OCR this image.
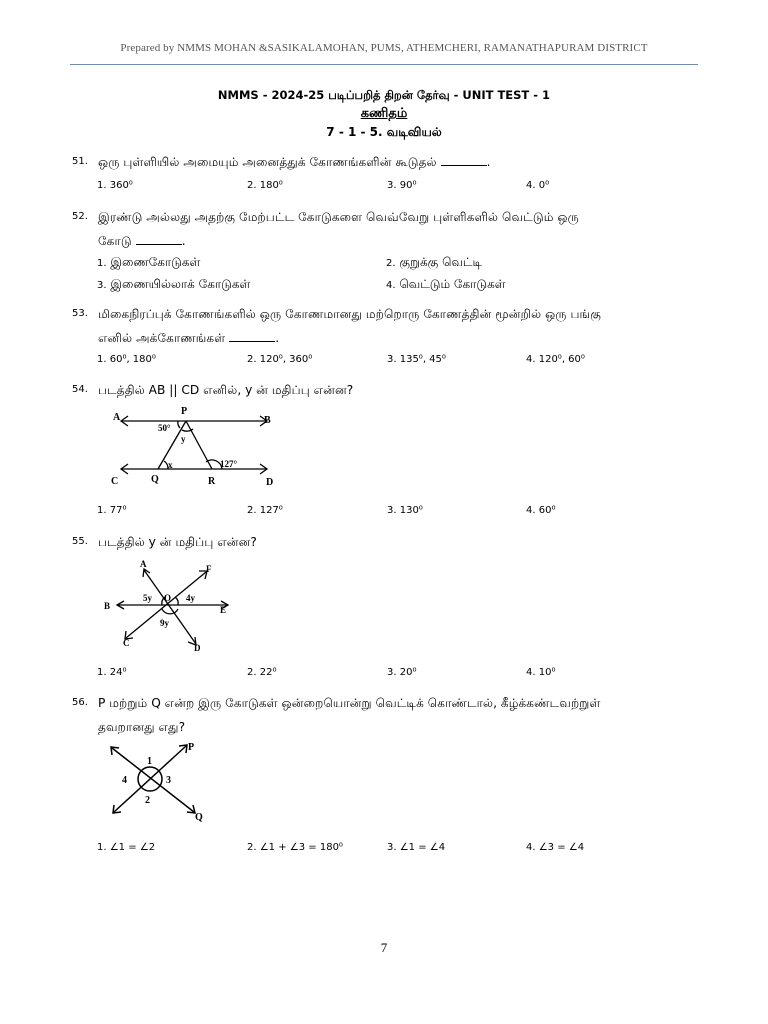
Prepared by NMMS MOHAN &SASIKALAMOHAN, PUMS, ATHEMCHERI, RAMANATHAPURAM DISTRICT
NMMS - 2024-25 படிப்பறித் திறன் தேர்வு - UNIT TEST - 1
கணிதம்
7 - 1 - 5. வடிவியல்
51. ஒரு புள்ளியில் அமையும் அனைத்துக் கோணங்களின் கூடுதல்	.
1. 360⁰	2. 180⁰	3. 90⁰	4. 0⁰
52. இரண்டு அல்லது அதற்கு மேற்பட்ட கோடுகளை வெவ்வேறு புள்ளிகளில் வெட்டும் ஒரு
கோடு	.
1. இணைகோடுகள்	2. குறுக்கு வெட்டி
3. இணையில்லாக் கோடுகள்	4. வெட்டும் கோடுகள்
53. மிகைநிரப்புக் கோணங்களில் ஒரு கோணமானது மற்றொரு கோணத்தின் மூன்றில் ஒரு பங்கு
எனில் அக்கோணங்கள்	.
1. 60⁰, 180⁰	2. 120⁰, 360⁰	3. 135⁰, 45⁰	4. 120⁰, 60⁰
54. படத்தில் AB || CD எனில், y ன் மதிப்பு என்ன?
A
P
B
50°
y
x	127°
C	Q	R	D
1. 77⁰	2. 127⁰	3. 130⁰	4. 60⁰
55. படத்தில் y ன் மதிப்பு என்ன?
A	F
B
5y O 4y
E
9y
C	D
1. 24⁰	2. 22⁰	3. 20⁰	4. 10⁰
56. P மற்றும் Q என்ற இரு கோடுகள் ஒன்றையொன்று வெட்டிக் கொண்டால், கீழ்க்கண்டவற்றுள்
தவறானது எது?
P
1
4	3
2
Q
1. ∠1 = ∠2	2. ∠1 + ∠3 = 180⁰	3. ∠1 = ∠4	4. ∠3 = ∠4
7
